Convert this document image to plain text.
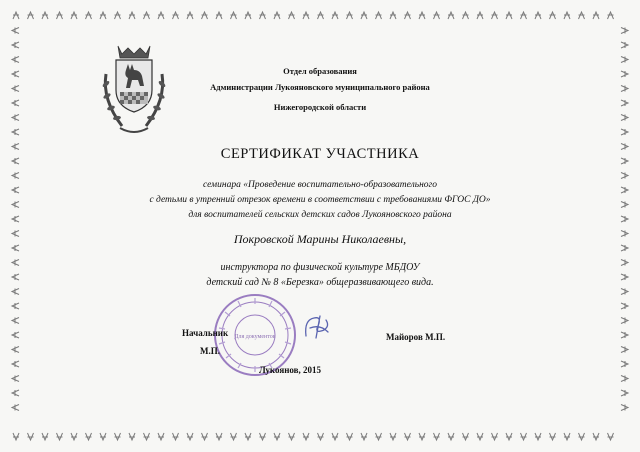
Отдел образования
Администрации Лукояновского муниципального района
Нижегородской области
СЕРТИФИКАТ УЧАСТНИКА
семинара «Проведение воспитательно-образовательного
с детьми в утренний отрезок времени в соответствии с требованиями ФГОС ДО»
для воспитателей сельских детских садов Лукояновского района
Покровской Марины Николаевны,
инструктора по физической культуре МБДОУ
детский сад № 8 «Березка» общеразвивающего вида.
Для документов
Начальник
М.П.
Майоров М.П.
Лукоянов, 2015
